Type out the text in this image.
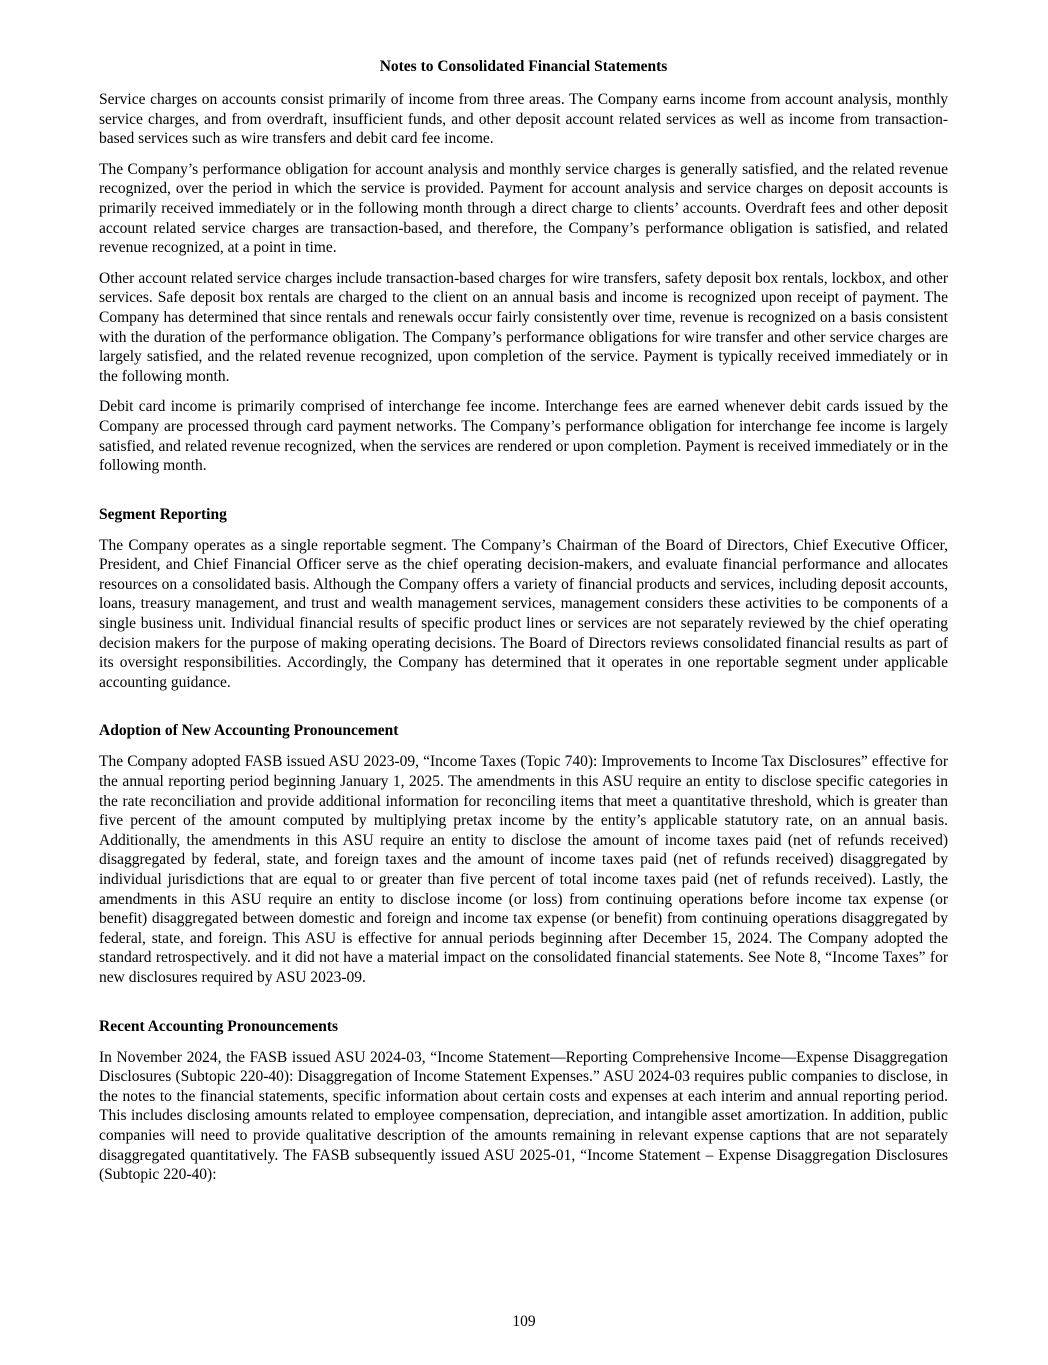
Notes to Consolidated Financial Statements

Service charges on accounts consist primarily of income from three areas. The Company earns income from account analysis, monthly service charges, and from overdraft, insufficient funds, and other deposit account related services as well as income from transaction-based services such as wire transfers and debit card fee income.

The Company’s performance obligation for account analysis and monthly service charges is generally satisfied, and the related revenue recognized, over the period in which the service is provided. Payment for account analysis and service charges on deposit accounts is primarily received immediately or in the following month through a direct charge to clients’ accounts. Overdraft fees and other deposit account related service charges are transaction-based, and therefore, the Company’s performance obligation is satisfied, and related revenue recognized, at a point in time.

Other account related service charges include transaction-based charges for wire transfers, safety deposit box rentals, lockbox, and other services. Safe deposit box rentals are charged to the client on an annual basis and income is recognized upon receipt of payment. The Company has determined that since rentals and renewals occur fairly consistently over time, revenue is recognized on a basis consistent with the duration of the performance obligation. The Company’s performance obligations for wire transfer and other service charges are largely satisfied, and the related revenue recognized, upon completion of the service. Payment is typically received immediately or in the following month.

Debit card income is primarily comprised of interchange fee income. Interchange fees are earned whenever debit cards issued by the Company are processed through card payment networks. The Company’s performance obligation for interchange fee income is largely satisfied, and related revenue recognized, when the services are rendered or upon completion. Payment is received immediately or in the following month.

Segment Reporting

The Company operates as a single reportable segment. The Company’s Chairman of the Board of Directors, Chief Executive Officer, President, and Chief Financial Officer serve as the chief operating decision-makers, and evaluate financial performance and allocates resources on a consolidated basis. Although the Company offers a variety of financial products and services, including deposit accounts, loans, treasury management, and trust and wealth management services, management considers these activities to be components of a single business unit. Individual financial results of specific product lines or services are not separately reviewed by the chief operating decision makers for the purpose of making operating decisions. The Board of Directors reviews consolidated financial results as part of its oversight responsibilities. Accordingly, the Company has determined that it operates in one reportable segment under applicable accounting guidance.

Adoption of New Accounting Pronouncement

The Company adopted FASB issued ASU 2023-09, “Income Taxes (Topic 740): Improvements to Income Tax Disclosures” effective for the annual reporting period beginning January 1, 2025. The amendments in this ASU require an entity to disclose specific categories in the rate reconciliation and provide additional information for reconciling items that meet a quantitative threshold, which is greater than five percent of the amount computed by multiplying pretax income by the entity’s applicable statutory rate, on an annual basis. Additionally, the amendments in this ASU require an entity to disclose the amount of income taxes paid (net of refunds received) disaggregated by federal, state, and foreign taxes and the amount of income taxes paid (net of refunds received) disaggregated by individual jurisdictions that are equal to or greater than five percent of total income taxes paid (net of refunds received). Lastly, the amendments in this ASU require an entity to disclose income (or loss) from continuing operations before income tax expense (or benefit) disaggregated between domestic and foreign and income tax expense (or benefit) from continuing operations disaggregated by federal, state, and foreign. This ASU is effective for annual periods beginning after December 15, 2024. The Company adopted the standard retrospectively. and it did not have a material impact on the consolidated financial statements. See Note 8, “Income Taxes” for new disclosures required by ASU 2023-09.

Recent Accounting Pronouncements

In November 2024, the FASB issued ASU 2024-03, “Income Statement—Reporting Comprehensive Income—Expense Disaggregation Disclosures (Subtopic 220-40): Disaggregation of Income Statement Expenses.” ASU 2024-03 requires public companies to disclose, in the notes to the financial statements, specific information about certain costs and expenses at each interim and annual reporting period. This includes disclosing amounts related to employee compensation, depreciation, and intangible asset amortization. In addition, public companies will need to provide qualitative description of the amounts remaining in relevant expense captions that are not separately disaggregated quantitatively. The FASB subsequently issued ASU 2025-01, “Income Statement – Expense Disaggregation Disclosures (Subtopic 220-40):

109
